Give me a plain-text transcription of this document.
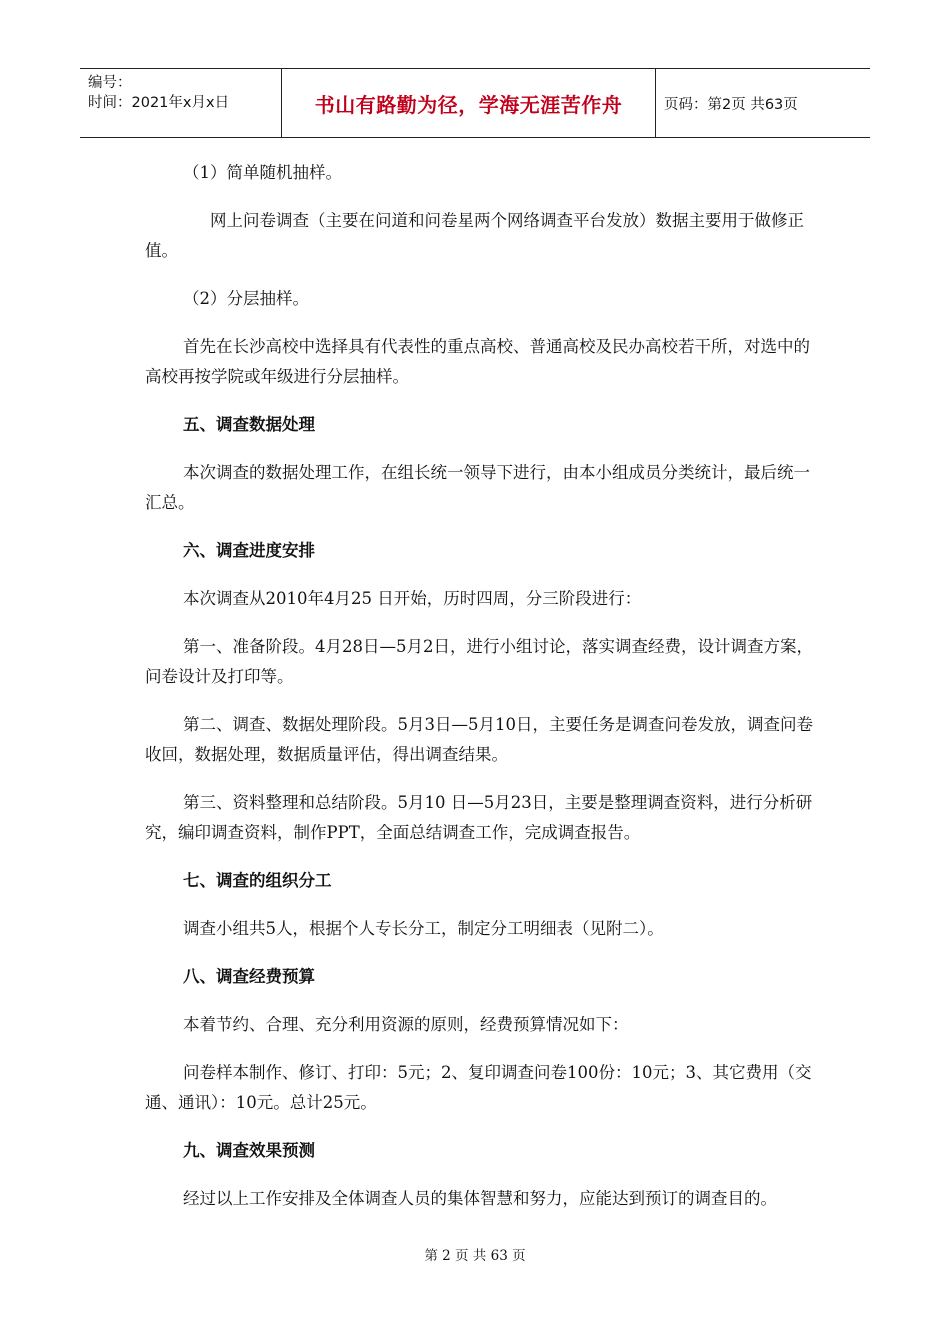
编号：
时间：2021年x月x日	书山有路勤为径，学海无涯苦作舟	页码：第2页 共63页

（1）简单随机抽样。

网上问卷调查（主要在问道和问卷星两个网络调查平台发放）数据主要用于做修正值。

（2）分层抽样。

首先在长沙高校中选择具有代表性的重点高校、普通高校及民办高校若干所，对选中的高校再按学院或年级进行分层抽样。

五、调查数据处理

本次调查的数据处理工作，在组长统一领导下进行，由本小组成员分类统计，最后统一汇总。

六、调查进度安排

本次调查从2010年4月25 日开始，历时四周，分三阶段进行：

第一、准备阶段。4月28日—5月2日，进行小组讨论，落实调查经费，设计调查方案，问卷设计及打印等。

第二、调查、数据处理阶段。5月3日—5月10日，主要任务是调查问卷发放，调查问卷收回，数据处理，数据质量评估，得出调查结果。

第三、资料整理和总结阶段。5月10 日—5月23日，主要是整理调查资料，进行分析研究，编印调查资料，制作PPT，全面总结调查工作，完成调查报告。

七、调查的组织分工

调查小组共5人，根据个人专长分工，制定分工明细表（见附二）。

八、调查经费预算

本着节约、合理、充分利用资源的原则，经费预算情况如下：

问卷样本制作、修订、打印：5元；2、复印调查问卷100份：10元；3、其它费用（交通、通讯）：10元。总计25元。

九、调查效果预测

经过以上工作安排及全体调查人员的集体智慧和努力，应能达到预订的调查目的。

第 2 页 共 63 页
